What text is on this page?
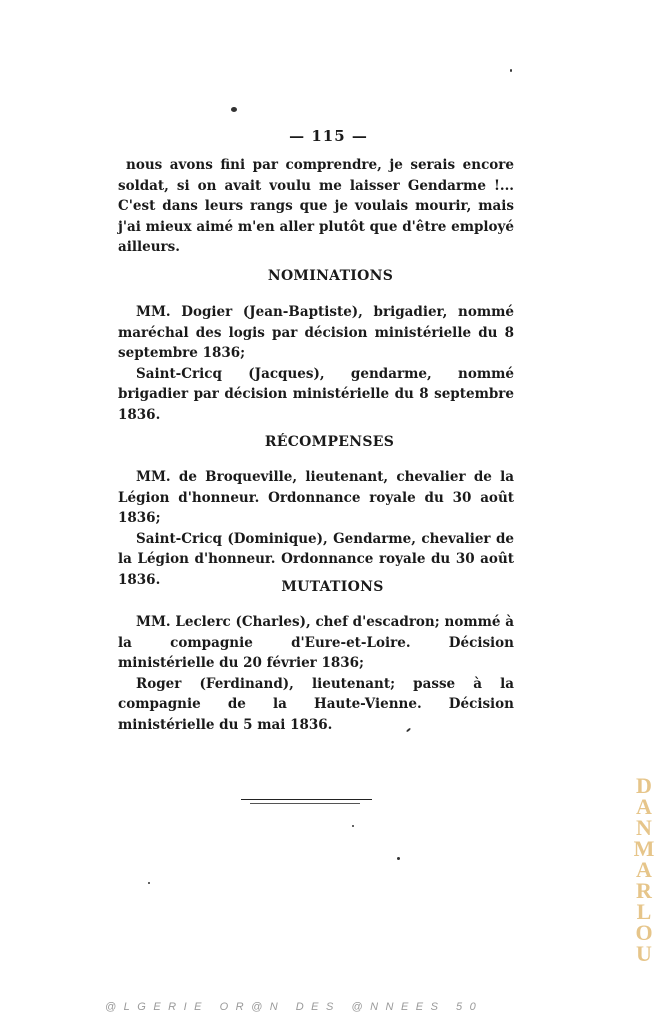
— 115 —

nous avons fini par comprendre, je serais encore soldat, si on avait voulu me laisser Gendarme !... C'est dans leurs rangs que je voulais mourir, mais j'ai mieux aimé m'en aller plutôt que d'être employé ailleurs.

NOMINATIONS

MM. Dogier (Jean-Baptiste), brigadier, nommé maréchal des logis par décision ministérielle du 8 septembre 1836;

Saint-Cricq (Jacques), gendarme, nommé brigadier par décision ministérielle du 8 septembre 1836.

RÉCOMPENSES

MM. de Broqueville, lieutenant, chevalier de la Légion d'honneur. Ordonnance royale du 30 août 1836;

Saint-Cricq (Dominique), Gendarme, chevalier de la Légion d'honneur. Ordonnance royale du 30 août 1836.	MUTATIONS

MM. Leclerc (Charles), chef d'escadron; nommé à la compagnie d'Eure-et-Loire. Décision ministérielle du 20 février 1836;

Roger (Ferdinand), lieutenant; passe à la compagnie de la Haute-Vienne. Décision ministérielle du 5 mai 1836.

D
A
N
M
A
R
L
O
U
@LGERIE OR@N DES @NNEES 50
